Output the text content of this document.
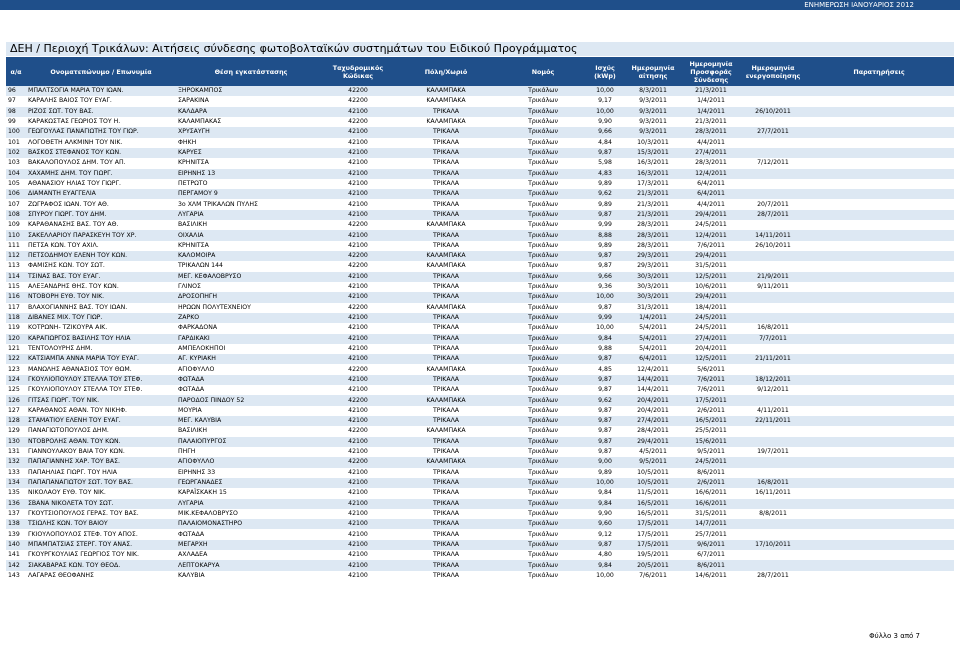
ΕΝΗΜΕΡΩΣΗ ΙΑΝΟΥΑΡΙΟΣ 2012
ΔΕΗ / Περιοχή Τρικάλων: Αιτήσεις σύνδεσης φωτοβολταϊκών συστημάτων του Ειδικού Προγράμματος
α/α	Ονοματεπώνυμο / Επωνυμία	Θέση εγκατάστασης	Ταχυδρομικός Κώδικας	Πόλη/Χωριό	Νομός	Ισχύς (kWp)	Ημερομηνία αίτησης	Ημερομηνία Προσφοράς Σύνδεσης	Ημερομηνία ενεργοποίησης	Παρατηρήσεις
96	ΜΠΑΛΤΣΟΓΙΑ ΜΑΡΙΑ ΤΟΥ ΙΩΑΝ.	ΞΗΡΟΚΑΜΠΟΣ	42200	ΚΑΛΑΜΠΑΚΑ	Τρικάλων	10,00	8/3/2011	21/3/2011		
97	ΚΑΡΑΛΗΣ ΒΑΙΟΣ ΤΟΥ ΕΥΑΓ.	ΣΑΡΑΚΙΝΑ	42200	ΚΑΛΑΜΠΑΚΑ	Τρικάλων	9,17	9/3/2011	1/4/2011		
98	ΡΙΖΟΣ ΣΩΤ. ΤΟΥ ΒΑΣ.	ΚΑΛΔΑΡΑ	42100	ΤΡΙΚΑΛΑ	Τρικάλων	10,00	9/3/2011	1/4/2011	26/10/2011	
99	ΚΑΡΑΚΩΣΤΑΣ ΓΕΩΡΙΟΣ ΤΟΥ Η.	ΚΑΛΑΜΠΑΚΑΣ	42200	ΚΑΛΑΜΠΑΚΑ	Τρικάλων	9,90	9/3/2011	21/3/2011		
100	ΓΕΩΓΟΥΛΑΣ ΠΑΝΑΓΙΩΤΗΣ ΤΟΥ ΓΙΩΡ.	ΧΡΥΣΑΥΓΗ	42100	ΤΡΙΚΑΛΑ	Τρικάλων	9,66	9/3/2011	28/3/2011	27/7/2011	
101	ΛΟΓΟΘΕΤΗ ΑΛΚΜΙΝΗ ΤΟΥ ΝΙΚ.	ΦΗΚΗ	42100	ΤΡΙΚΑΛΑ	Τρικάλων	4,84	10/3/2011	4/4/2011		
102	ΒΑΣΚΟΣ ΣΤΕΦΑΝΟΣ ΤΟΥ ΚΩΝ.	ΚΑΡΥΕΣ	42100	ΤΡΙΚΑΛΑ	Τρικάλων	9,87	15/3/2011	27/4/2011		
103	ΒΑΚΑΛΟΠΟΥΛΟΣ ΔΗΜ. ΤΟΥ ΑΠ.	ΚΡΗΝΙΤΣΑ	42100	ΤΡΙΚΑΛΑ	Τρικάλων	5,98	16/3/2011	28/3/2011	7/12/2011	
104	ΧΑΧΑΜΗΣ ΔΗΜ. ΤΟΥ ΓΙΩΡΓ.	ΕΙΡΗΝΗΣ 13	42100	ΤΡΙΚΑΛΑ	Τρικάλων	4,83	16/3/2011	12/4/2011		
105	ΑΘΑΝΑΣΙΟΥ ΗΛΙΑΣ ΤΟΥ ΓΙΩΡΓ.	ΠΕΤΡΩΤΟ	42100	ΤΡΙΚΑΛΑ	Τρικάλων	9,89	17/3/2011	6/4/2011		
106	ΔΙΑΜΑΝΤΗ ΕΥΑΓΓΕΛΙΑ	ΠΕΡΓΑΜΟΥ 9	42100	ΤΡΙΚΑΛΑ	Τρικάλων	9,62	21/3/2011	6/4/2011		
107	ΖΩΓΡΑΦΟΣ ΙΩΑΝ. ΤΟΥ ΑΘ.	3ο ΧΛΜ ΤΡΙΚΑΛΩΝ ΠΥΛΗΣ	42100	ΤΡΙΚΑΛΑ	Τρικάλων	9,89	21/3/2011	4/4/2011	20/7/2011	
108	ΣΠΥΡΟΥ ΓΙΩΡΓ. ΤΟΥ ΔΗΜ.	ΛΥΓΑΡΙΑ	42100	ΤΡΙΚΑΛΑ	Τρικάλων	9,87	21/3/2011	29/4/2011	28/7/2011	
109	ΚΑΡΑΘΑΝΑΣΗΣ ΒΑΣ. ΤΟΥ ΑΘ.	ΒΑΣΙΛΙΚΗ	42200	ΚΑΛΑΜΠΑΚΑ	Τρικάλων	9,99	28/3/2011	24/5/2011		
110	ΣΑΚΕΛΛΑΡΙΟΥ ΠΑΡΑΣΚΕΥΗ ΤΟΥ ΧΡ.	ΟΙΧΑΛΙΑ	42100	ΤΡΙΚΑΛΑ	Τρικάλων	8,88	28/3/2011	12/4/2011	14/11/2011	
111	ΠΕΤΣΑ ΚΩΝ. ΤΟΥ ΑΧΙΛ.	ΚΡΗΝΙΤΣΑ	42100	ΤΡΙΚΑΛΑ	Τρικάλων	9,89	28/3/2011	7/6/2011	26/10/2011	
112	ΠΕΤΣΟΔΗΜΟΥ ΕΛΕΝΗ ΤΟΥ ΚΩΝ.	ΚΑΛΟΜΟΙΡΑ	42200	ΚΑΛΑΜΠΑΚΑ	Τρικάλων	9,87	29/3/2011	29/4/2011		
113	ΦΑΜΙΣΗΣ ΚΩΝ. ΤΟΥ ΣΩΤ.	ΤΡΙΚΑΛΩΝ 144	42200	ΚΑΛΑΜΠΑΚΑ	Τρικάλων	9,87	29/3/2011	31/5/2011		
114	ΤΣΙΝΑΣ ΒΑΣ. ΤΟΥ ΕΥΑΓ.	ΜΕΓ. ΚΕΦΑΛΟΒΡΥΣΟ	42100	ΤΡΙΚΑΛΑ	Τρικάλων	9,66	30/3/2011	12/5/2011	21/9/2011	
115	ΑΛΕΞΑΝΔΡΗΣ ΘΗΣ. ΤΟΥ ΚΩΝ.	ΓΛΙΝΟΣ	42100	ΤΡΙΚΑΛΑ	Τρικάλων	9,36	30/3/2011	10/6/2011	9/11/2011	
116	ΝΤΟΒΟΡΗ ΕΥΘ. ΤΟΥ ΝΙΚ.	ΔΡΟΣΟΠΗΓΗ	42100	ΤΡΙΚΑΛΑ	Τρικάλων	10,00	30/3/2011	29/4/2011		
117	ΒΛΑΧΟΓΙΑΝΝΗΣ ΒΑΣ. ΤΟΥ ΙΩΑΝ.	ΗΡΩΩΝ ΠΟΛΥΤΕΧΝΕΙΟΥ	42200	ΚΑΛΑΜΠΑΚΑ	Τρικάλων	9,87	31/3/2011	18/4/2011		
118	ΔΙΒΑΝΕΣ ΜΙΧ. ΤΟΥ ΓΙΩΡ.	ΖΑΡΚΟ	42100	ΤΡΙΚΑΛΑ	Τρικάλων	9,99	1/4/2011	24/5/2011		
119	ΚΟΤΡΩΝΗ- ΤΖΙΚΟΥΡΑ ΑΙΚ.	ΦΑΡΚΑΔΟΝΑ	42100	ΤΡΙΚΑΛΑ	Τρικάλων	10,00	5/4/2011	24/5/2011	16/8/2011	
120	ΚΑΡΑΓΙΩΡΓΟΣ ΒΑΣΙΛΗΣ ΤΟΥ ΗΛΙΑ	ΓΑΡΔΙΚΑΚΙ	42100	ΤΡΙΚΑΛΑ	Τρικάλων	9,84	5/4/2011	27/4/2011	7/7/2011	
121	ΤΕΝΤΟΛΟΥΡΗΣ ΔΗΜ.	ΑΜΠΕΛΟΚΗΠΟΙ	42100	ΤΡΙΚΑΛΑ	Τρικάλων	9,88	5/4/2011	20/4/2011		
122	ΚΑΤΣΙΑΜΠΑ ΑΝΝΑ ΜΑΡΙΑ ΤΟΥ ΕΥΑΓ.	ΑΓ. ΚΥΡΙΑΚΗ	42100	ΤΡΙΚΑΛΑ	Τρικάλων	9,87	6/4/2011	12/5/2011	21/11/2011	
123	ΜΑΝΩΛΗΣ ΑΘΑΝΑΣΙΟΣ ΤΟΥ ΘΩΜ.	ΑΓΙΟΦΥΛΛΟ	42200	ΚΑΛΑΜΠΑΚΑ	Τρικάλων	4,85	12/4/2011	5/6/2011		
124	ΓΚΟΥΛΙΟΠΟΥΛΟΥ ΣΤΕΛΛΑ ΤΟΥ ΣΤΕΦ.	ΦΩΤΑΔΑ	42100	ΤΡΙΚΑΛΑ	Τρικάλων	9,87	14/4/2011	7/6/2011	18/12/2011	
125	ΓΚΟΥΛΙΟΠΟΥΛΟΥ ΣΤΕΛΛΑ ΤΟΥ ΣΤΕΦ.	ΦΩΤΑΔΑ	42100	ΤΡΙΚΑΛΑ	Τρικάλων	9,87	14/4/2011	7/6/2011	9/12/2011	
126	ΓΙΤΣΑΣ ΓΙΩΡΓ. ΤΟΥ ΝΙΚ.	ΠΑΡΟΔΟΣ ΠΙΝΔΟΥ 52	42200	ΚΑΛΑΜΠΑΚΑ	Τρικάλων	9,62	20/4/2011	17/5/2011		
127	ΚΑΡΑΘΑΝΟΣ ΑΘΑΝ. ΤΟΥ ΝΙΚΗΦ.	ΜΟΥΡΙΑ	42100	ΤΡΙΚΑΛΑ	Τρικάλων	9,87	20/4/2011	2/6/2011	4/11/2011	
128	ΣΤΑΜΑΤΙΟΥ ΕΛΕΝΗ ΤΟΥ ΕΥΑΓ.	ΜΕΓ. ΚΑΛΥΒΙΑ	42100	ΤΡΙΚΑΛΑ	Τρικάλων	9,87	27/4/2011	16/5/2011	22/11/2011	
129	ΠΑΝΑΓΙΩΤΟΠΟΥΛΟΣ ΔΗΜ.	ΒΑΣΙΛΙΚΗ	42200	ΚΑΛΑΜΠΑΚΑ	Τρικάλων	9,87	28/4/2011	25/5/2011		
130	ΝΤΟΒΡΟΛΗΣ ΑΘΑΝ. ΤΟΥ ΚΩΝ.	ΠΑΛΑΙΟΠΥΡΓΟΣ	42100	ΤΡΙΚΑΛΑ	Τρικάλων	9,87	29/4/2011	15/6/2011		
131	ΓΙΑΝΝΟΥΛΑΚΟΥ ΒΑΙΑ ΤΟΥ ΚΩΝ.	ΠΗΓΗ	42100	ΤΡΙΚΑΛΑ	Τρικάλων	9,87	4/5/2011	9/5/2011	19/7/2011	
132	ΠΑΠΑΓΙΑΝΝΗΣ ΧΑΡ. ΤΟΥ ΒΑΣ.	ΑΓΙΟΦΥΛΛΟ	42200	ΚΑΛΑΜΠΑΚΑ	Τρικάλων	9,00	9/5/2011	24/5/2011		
133	ΠΑΠΑΗΛΙΑΣ ΓΙΩΡΓ. ΤΟΥ ΗΛΙΑ	ΕΙΡΗΝΗΣ 33	42100	ΤΡΙΚΑΛΑ	Τρικάλων	9,89	10/5/2011	8/6/2011		
134	ΠΑΠΑΠΑΝΑΓΙΩΤΟΥ ΣΩΤ. ΤΟΥ ΒΑΣ.	ΓΕΩΡΓΑΝΑΔΕΣ	42100	ΤΡΙΚΑΛΑ	Τρικάλων	10,00	10/5/2011	2/6/2011	16/8/2011	
135	ΝΙΚΟΛΑΟΥ ΕΥΘ. ΤΟΥ ΝΙΚ.	ΚΑΡΑΪΣΚΑΚΗ 15	42100	ΤΡΙΚΑΛΑ	Τρικάλων	9,84	11/5/2011	16/6/2011	16/11/2011	
136	ΣΒΑΝΑ ΝΙΚΟΛΕΤΑ ΤΟΥ ΣΩΤ.	ΛΥΓΑΡΙΑ	42100	ΤΡΙΚΑΛΑ	Τρικάλων	9,84	16/5/2011	16/6/2011		
137	ΓΚΟΥΤΣΙΟΠΟΥΛΟΣ ΓΕΡΑΣ. ΤΟΥ ΒΑΣ.	ΜΙΚ.ΚΕΦΑΛΟΒΡΥΣΟ	42100	ΤΡΙΚΑΛΑ	Τρικάλων	9,90	16/5/2011	31/5/2011	8/8/2011	
138	ΤΣΙΩΛΗΣ ΚΩΝ. ΤΟΥ ΒΑΙΟΥ	ΠΑΛΑΙΟΜΟΝΑΣΤΗΡΟ	42100	ΤΡΙΚΑΛΑ	Τρικάλων	9,60	17/5/2011	14/7/2011		
139	ΓΚΙΟΥΛΟΠΟΥΛΟΣ ΣΤΕΦ. ΤΟΥ ΑΠΟΣ.	ΦΩΤΑΔΑ	42100	ΤΡΙΚΑΛΑ	Τρικάλων	9,12	17/5/2011	25/7/2011		
140	ΜΠΑΜΠΑΤΣΙΑΣ ΣΤΕΡΓ. ΤΟΥ ΑΝΑΣ.	ΜΕΓΑΡΧΗ	42100	ΤΡΙΚΑΛΑ	Τρικάλων	9,87	17/5/2011	9/6/2011	17/10/2011	
141	ΓΚΟΥΡΓΚΟΥΛΙΑΣ ΓΕΩΡΓΙΟΣ ΤΟΥ ΝΙΚ.	ΑΧΛΑΔΕΑ	42100	ΤΡΙΚΑΛΑ	Τρικάλων	4,80	19/5/2011	6/7/2011		
142	ΣΙΑΚΑΒΑΡΑΣ ΚΩΝ. ΤΟΥ ΘΕΟΔ.	ΛΕΠΤΟΚΑΡΥΑ	42100	ΤΡΙΚΑΛΑ	Τρικάλων	9,84	20/5/2011	8/6/2011		
143	ΛΑΓΑΡΑΣ ΘΕΟΦΑΝΗΣ	ΚΑΛΥΒΙΑ	42100	ΤΡΙΚΑΛΑ	Τρικάλων	10,00	7/6/2011	14/6/2011	28/7/2011	
Φύλλο 3 από 7
